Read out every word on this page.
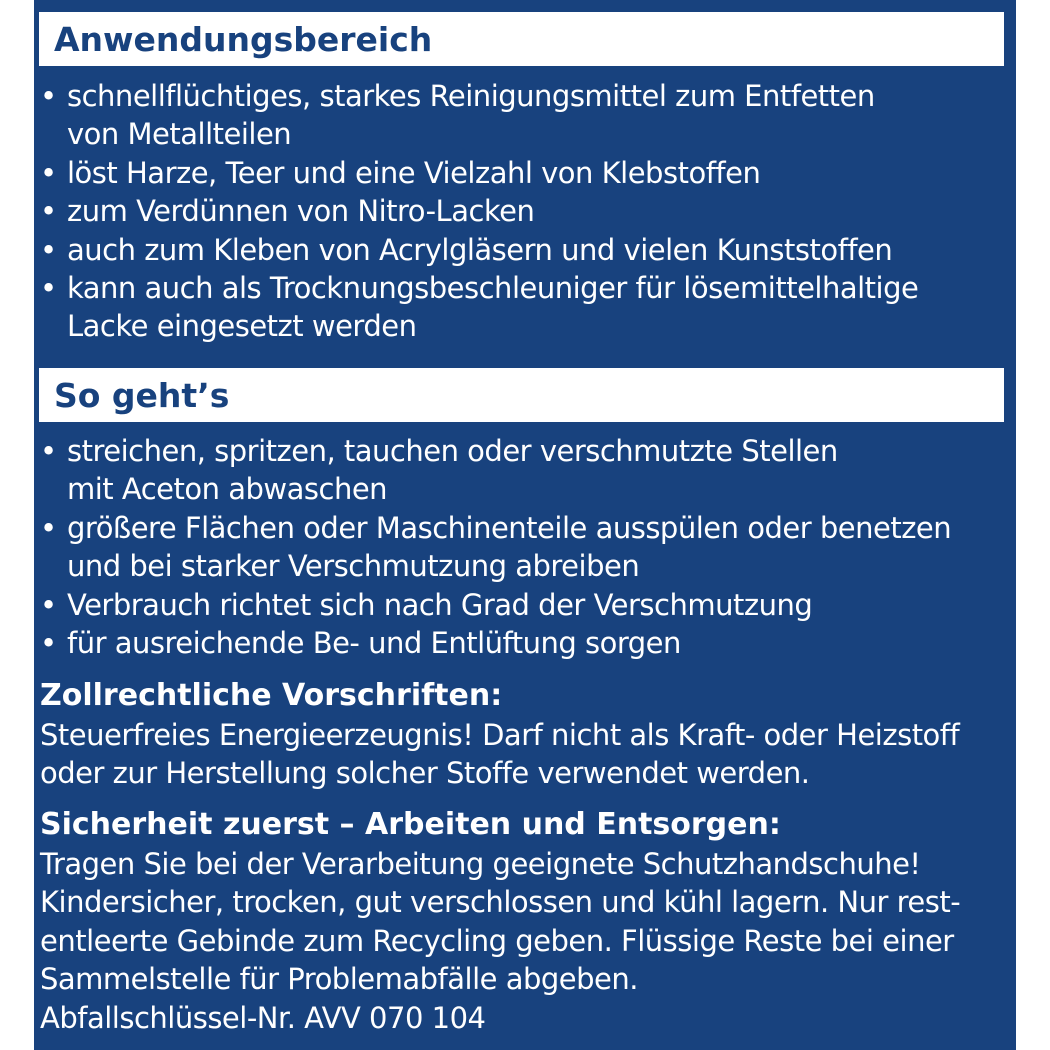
Anwendungsbereich
• schnellflüchtiges, starkes Reinigungsmittel zum Entfetten
von Metallteilen
• löst Harze, Teer und eine Vielzahl von Klebstoffen
• zum Verdünnen von Nitro-Lacken
• auch zum Kleben von Acrylgläsern und vielen Kunststoffen
• kann auch als Trocknungsbeschleuniger für lösemittelhaltige
Lacke eingesetzt werden
So geht’s
• streichen, spritzen, tauchen oder verschmutzte Stellen
mit Aceton abwaschen
• größere Flächen oder Maschinenteile ausspülen oder benetzen
und bei starker Verschmutzung abreiben
• Verbrauch richtet sich nach Grad der Verschmutzung
• für ausreichende Be- und Entlüftung sorgen
Zollrechtliche Vorschriften:
Steuerfreies Energieerzeugnis! Darf nicht als Kraft- oder Heizstoff
oder zur Herstellung solcher Stoffe verwendet werden.
Sicherheit zuerst – Arbeiten und Entsorgen:
Tragen Sie bei der Verarbeitung geeignete Schutzhandschuhe!
Kindersicher, trocken, gut verschlossen und kühl lagern. Nur rest-
entleerte Gebinde zum Recycling geben. Flüssige Reste bei einer
Sammelstelle für Problemabfälle abgeben.
Abfallschlüssel-Nr. AVV 070 104
